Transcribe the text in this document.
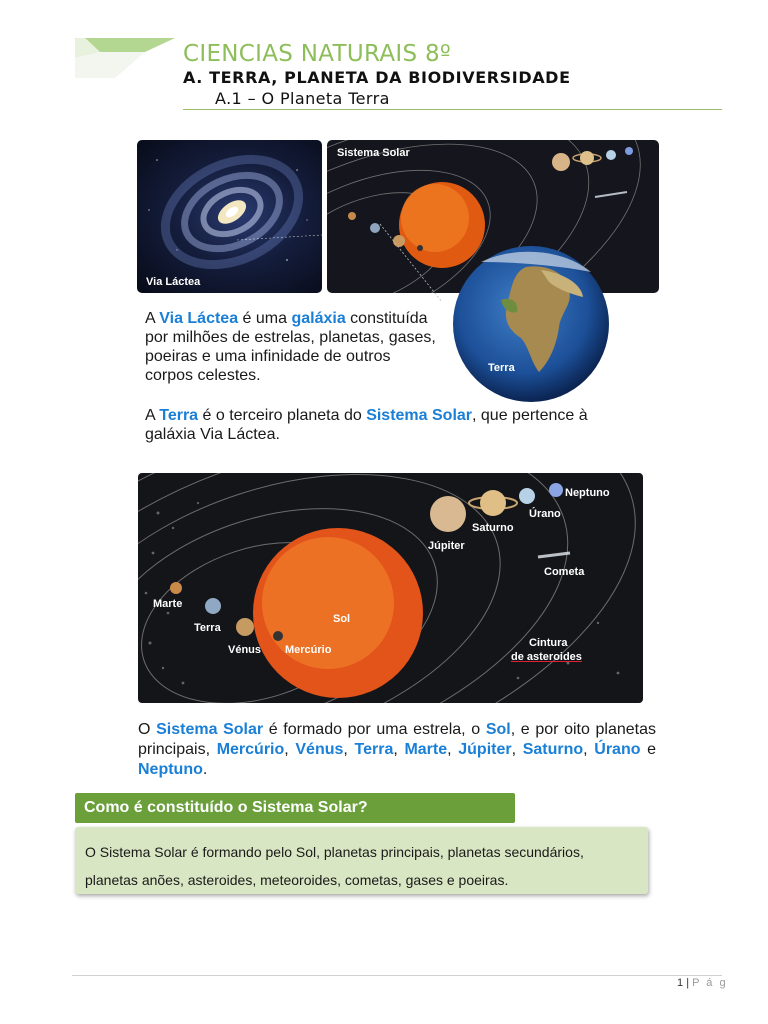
CIENCIAS NATURAIS 8º
A. TERRA, PLANETA DA BIODIVERSIDADE
A.1 – O Planeta Terra
Via Láctea
Sistema Solar
Terra
A Via Láctea é uma galáxia constituída por milhões de estrelas, planetas, gases, poeiras e uma infinidade de outros corpos celestes.
A Terra é o terceiro planeta do Sistema Solar, que pertence à galáxia Via Láctea.
Neptuno
Úrano
Saturno
Júpiter
Cometa
Marte
Terra
Sol
Vénus Mercúrio
Cintura
de asteroides
O Sistema Solar é formado por uma estrela, o Sol, e por oito planetas principais, Mercúrio, Vénus, Terra, Marte, Júpiter, Saturno, Úrano e Neptuno.
Como é constituído o Sistema Solar?
O Sistema Solar é formando pelo Sol, planetas principais, planetas secundários, planetas anões, asteroides, meteoroides, cometas, gases e poeiras.
1 | P á g
